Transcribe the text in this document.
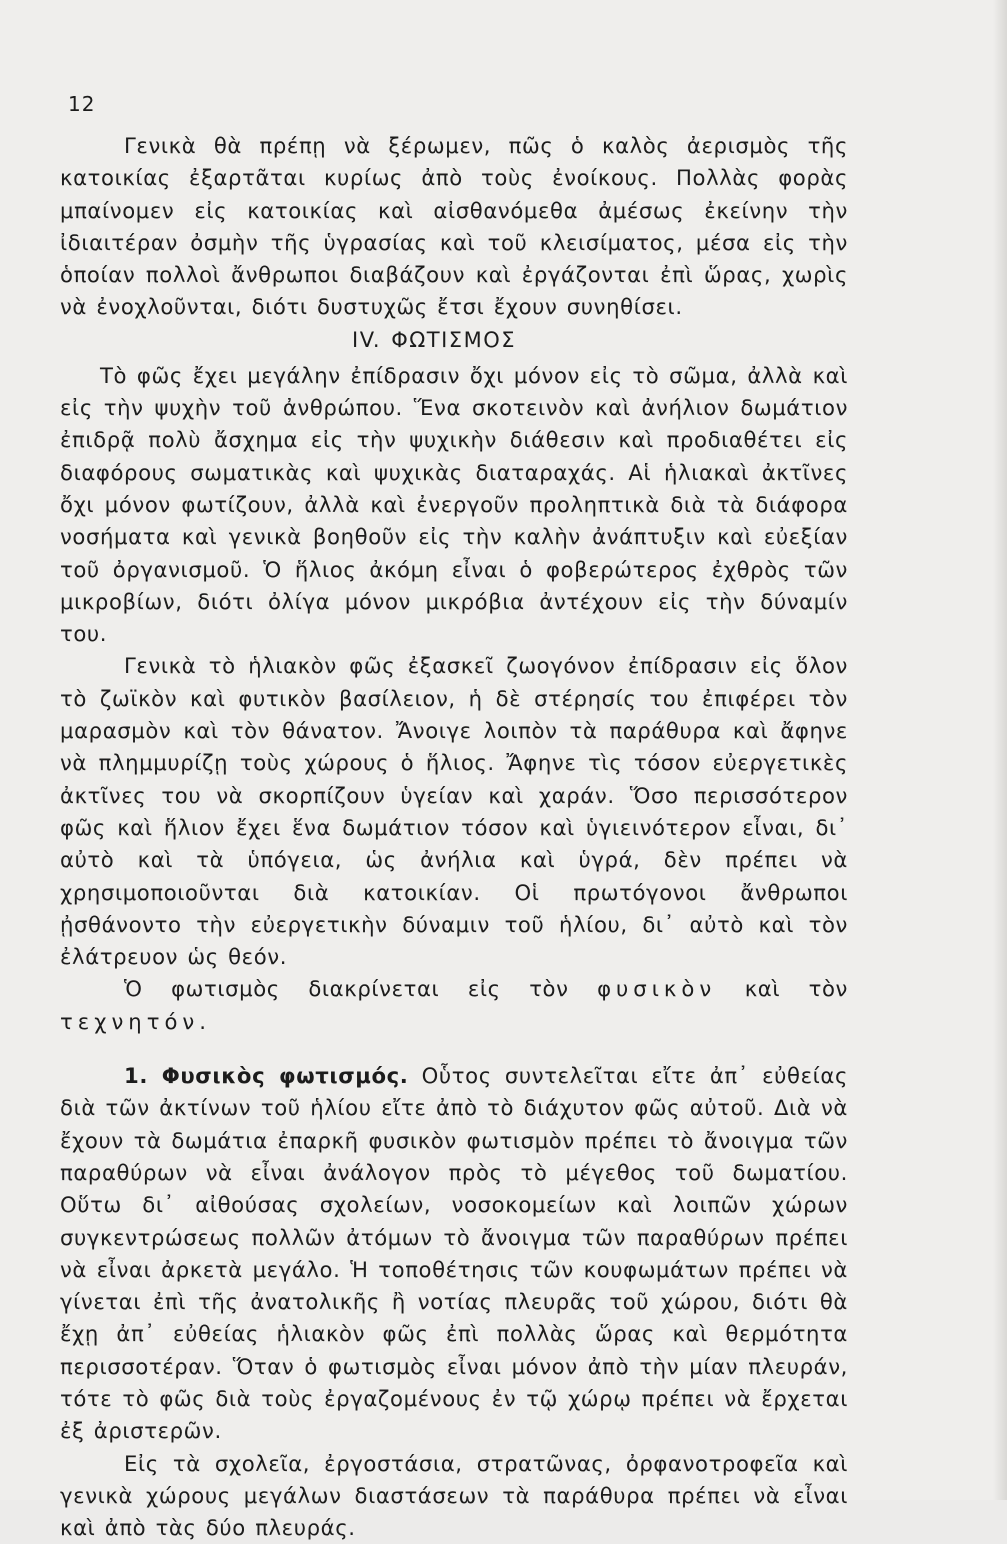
12

Γενικὰ θὰ πρέπῃ νὰ ξέρωμεν, πῶς ὁ καλὸς ἀερισμὸς τῆς κατοικίας ἐξαρτᾶται κυρίως ἀπὸ τοὺς ἐνοίκους. Πολλὰς φορὰς μπαίνομεν εἰς κατοικίας καὶ αἰσθανόμεθα ἀμέσως ἐκείνην τὴν ἰδιαιτέραν ὀσμὴν τῆς ὑγρασίας καὶ τοῦ κλεισίματος, μέσα εἰς τὴν ὁποίαν πολλοὶ ἄνθρωποι διαβάζουν καὶ ἐργάζονται ἐπὶ ὥρας, χωρὶς νὰ ἐνοχλοῦνται, διότι δυστυχῶς ἔτσι ἔχουν συνηθίσει.

IV. ΦΩΤΙΣΜΟΣ

Τὸ φῶς ἔχει μεγάλην ἐπίδρασιν ὄχι μόνον εἰς τὸ σῶμα, ἀλλὰ καὶ εἰς τὴν ψυχὴν τοῦ ἀνθρώπου. Ἕνα σκοτεινὸν καὶ ἀνήλιον δωμάτιον ἐπιδρᾷ πολὺ ἄσχημα εἰς τὴν ψυχικὴν διάθεσιν καὶ προδιαθέτει εἰς διαφόρους σωματικὰς καὶ ψυχικὰς διαταραχάς. Αἱ ἡλιακαὶ ἀκτῖνες ὄχι μόνον φωτίζουν, ἀλλὰ καὶ ἐνεργοῦν προληπτικὰ διὰ τὰ διάφορα νοσήματα καὶ γενικὰ βοηθοῦν εἰς τὴν καλὴν ἀνάπτυξιν καὶ εὐεξίαν τοῦ ὀργανισμοῦ. Ὁ ἥλιος ἀκόμη εἶναι ὁ φοβερώτερος ἐχθρὸς τῶν μικροβίων, διότι ὀλίγα μόνον μικρόβια ἀντέχουν εἰς τὴν δύναμίν του.

Γενικὰ τὸ ἡλιακὸν φῶς ἐξασκεῖ ζωογόνον ἐπίδρασιν εἰς ὅλον τὸ ζωϊκὸν καὶ φυτικὸν βασίλειον, ἡ δὲ στέρησίς του ἐπιφέρει τὸν μαρασμὸν καὶ τὸν θάνατον. Ἄνοιγε λοιπὸν τὰ παράθυρα καὶ ἄφηνε νὰ πλημμυρίζῃ τοὺς χώρους ὁ ἥλιος. Ἄφηνε τὶς τόσον εὐεργετικὲς ἀκτῖνες του νὰ σκορπίζουν ὑγείαν καὶ χαράν. Ὅσο περισσότερον φῶς καὶ ἥλιον ἔχει ἕνα δωμάτιον τόσον καὶ ὑγιεινότερον εἶναι, δι᾽ αὐτὸ καὶ τὰ ὑπόγεια, ὡς ἀνήλια καὶ ὑγρά, δὲν πρέπει νὰ χρησιμοποιοῦνται διὰ κατοικίαν. Οἱ πρωτόγονοι ἄνθρωποι ᾐσθάνοντο τὴν εὐεργετικὴν δύναμιν τοῦ ἡλίου, δι᾽ αὐτὸ καὶ τὸν ἐλάτρευον ὡς θεόν.

Ὁ φωτισμὸς διακρίνεται εἰς τὸν φυσικὸν καὶ τὸν τεχνητόν.

1. Φυσικὸς φωτισμός. Οὗτος συντελεῖται εἴτε ἀπ᾽ εὐθείας διὰ τῶν ἀκτίνων τοῦ ἡλίου εἴτε ἀπὸ τὸ διάχυτον φῶς αὐτοῦ. Διὰ νὰ ἔχουν τὰ δωμάτια ἐπαρκῆ φυσικὸν φωτισμὸν πρέπει τὸ ἄνοιγμα τῶν παραθύρων νὰ εἶναι ἀνάλογον πρὸς τὸ μέγεθος τοῦ δωματίου. Οὕτω δι᾽ αἰθούσας σχολείων, νοσοκομείων καὶ λοιπῶν χώρων συγκεντρώσεως πολλῶν ἀτόμων τὸ ἄνοιγμα τῶν παραθύρων πρέπει νὰ εἶναι ἀρκετὰ μεγάλο. Ἡ τοποθέτησις τῶν κουφωμάτων πρέπει νὰ γίνεται ἐπὶ τῆς ἀνατολικῆς ἢ νοτίας πλευρᾶς τοῦ χώρου, διότι θὰ ἔχῃ ἀπ᾽ εὐθείας ἡλιακὸν φῶς ἐπὶ πολλὰς ὥρας καὶ θερμότητα περισσοτέραν. Ὅταν ὁ φωτισμὸς εἶναι μόνον ἀπὸ τὴν μίαν πλευράν, τότε τὸ φῶς διὰ τοὺς ἐργαζομένους ἐν τῷ χώρῳ πρέπει νὰ ἔρχεται ἐξ ἀριστερῶν.

Εἰς τὰ σχολεῖα, ἐργοστάσια, στρατῶνας, ὀρφανοτροφεῖα καὶ γενικὰ χώρους μεγάλων διαστάσεων τὰ παράθυρα πρέπει νὰ εἶναι καὶ ἀπὸ τὰς δύο πλευράς.
